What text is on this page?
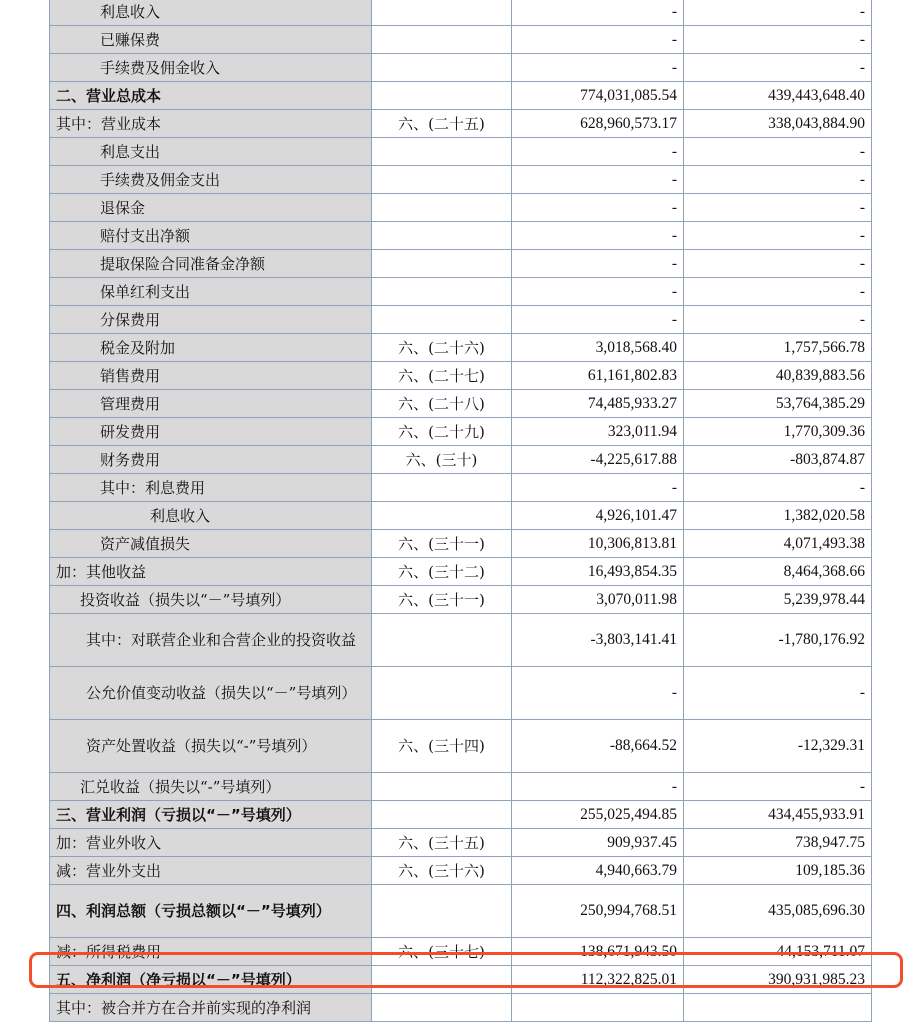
利息收入		-	-
已赚保费		-	-
手续费及佣金收入		-	-
二、营业总成本		774,031,085.54	439,443,648.40
其中：营业成本	六、(二十五)	628,960,573.17	338,043,884.90
利息支出		-	-
手续费及佣金支出		-	-
退保金		-	-
赔付支出净额		-	-
提取保险合同准备金净额		-	-
保单红利支出		-	-
分保费用		-	-
税金及附加	六、(二十六)	3,018,568.40	1,757,566.78
销售费用	六、(二十七)	61,161,802.83	40,839,883.56
管理费用	六、(二十八)	74,485,933.27	53,764,385.29
研发费用	六、(二十九)	323,011.94	1,770,309.36
财务费用	六、(三十)	-4,225,617.88	-803,874.87
其中：利息费用		-	-
利息收入		4,926,101.47	1,382,020.58
资产减值损失	六、(三十一)	10,306,813.81	4,071,493.38
加：其他收益	六、(三十二)	16,493,854.35	8,464,368.66
投资收益（损失以“－”号填列）	六、(三十一)	3,070,011.98	5,239,978.44
其中：对联营企业和合营企业的投资收益		-3,803,141.41	-1,780,176.92
公允价值变动收益（损失以“－”号填列）		-	-
资产处置收益（损失以“-”号填列）	六、(三十四)	-88,664.52	-12,329.31
汇兑收益（损失以“-”号填列）		-	-
三、营业利润（亏损以“－”号填列）		255,025,494.85	434,455,933.91
加：营业外收入	六、(三十五)	909,937.45	738,947.75
减：营业外支出	六、(三十六)	4,940,663.79	109,185.36
四、利润总额（亏损总额以“－”号填列）		250,994,768.51	435,085,696.30
减：所得税费用	六、(三十七)	138,671,943.50	44,153,711.07
五、净利润（净亏损以“－”号填列）		112,322,825.01	390,931,985.23
其中：被合并方在合并前实现的净利润			
